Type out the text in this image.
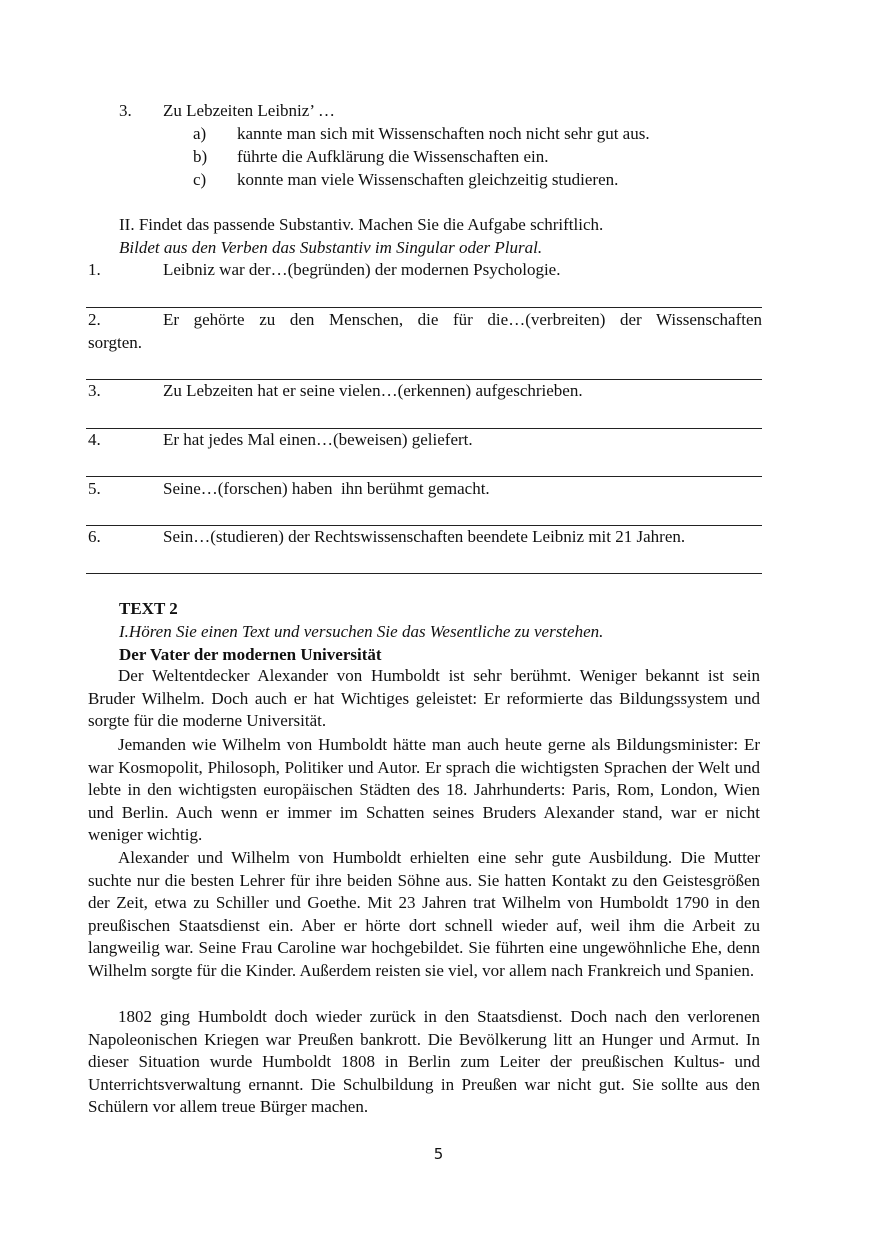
3. Zu Lebzeiten Leibniz’ …
a) kannte man sich mit Wissenschaften noch nicht sehr gut aus.
b) führte die Aufklärung die Wissenschaften ein.
c) konnte man viele Wissenschaften gleichzeitig studieren.
II. Findet das passende Substantiv. Machen Sie die Aufgabe schriftlich.
Bildet aus den Verben das Substantiv im Singular oder Plural.
1.	Leibniz war der…(begründen) der modernen Psychologie.
2.	Er gehörte zu den Menschen, die für die…(verbreiten) der Wissenschaften
sorgten.
3.	Zu Lebzeiten hat er seine vielen…(erkennen) aufgeschrieben.
4.	Er hat jedes Mal einen…(beweisen) geliefert.
5.	Seine…(forschen) haben  ihn berühmt gemacht.
6.	Sein…(studieren) der Rechtswissenschaften beendete Leibniz mit 21 Jahren.
TEXT 2
I.Hören Sie einen Text und versuchen Sie das Wesentliche zu verstehen.
Der Vater der modernen Universität
Der Weltentdecker Alexander von Humboldt ist sehr berühmt. Weniger bekannt ist sein Bruder Wilhelm. Doch auch er hat Wichtiges geleistet: Er reformierte das Bildungssystem und sorgte für die moderne Universität.
Jemanden wie Wilhelm von Humboldt hätte man auch heute gerne als Bildungsminister: Er war Kosmopolit, Philosoph, Politiker und Autor. Er sprach die wichtigsten Sprachen der Welt und lebte in den wichtigsten europäischen Städten des 18. Jahrhunderts: Paris, Rom, London, Wien und Berlin. Auch wenn er immer im Schatten seines Bruders Alexander stand, war er nicht weniger wichtig.
Alexander und Wilhelm von Humboldt erhielten eine sehr gute Ausbildung. Die Mutter suchte nur die besten Lehrer für ihre beiden Söhne aus. Sie hatten Kontakt zu den Geistesgrößen der Zeit, etwa zu Schiller und Goethe. Mit 23 Jahren trat Wilhelm von Humboldt 1790 in den preußischen Staatsdienst ein. Aber er hörte dort schnell wieder auf, weil ihm die Arbeit zu langweilig war. Seine Frau Caroline war hochgebildet. Sie führten eine ungewöhnliche Ehe, denn Wilhelm sorgte für die Kinder. Außerdem reisten sie viel, vor allem nach Frankreich und Spanien.
1802 ging Humboldt doch wieder zurück in den Staatsdienst. Doch nach den verlorenen Napoleonischen Kriegen war Preußen bankrott. Die Bevölkerung litt an Hunger und Armut. In dieser Situation wurde Humboldt 1808 in Berlin zum Leiter der preußischen Kultus- und Unterrichtsverwaltung ernannt. Die Schulbildung in Preußen war nicht gut. Sie sollte aus den Schülern vor allem treue Bürger machen.
5
